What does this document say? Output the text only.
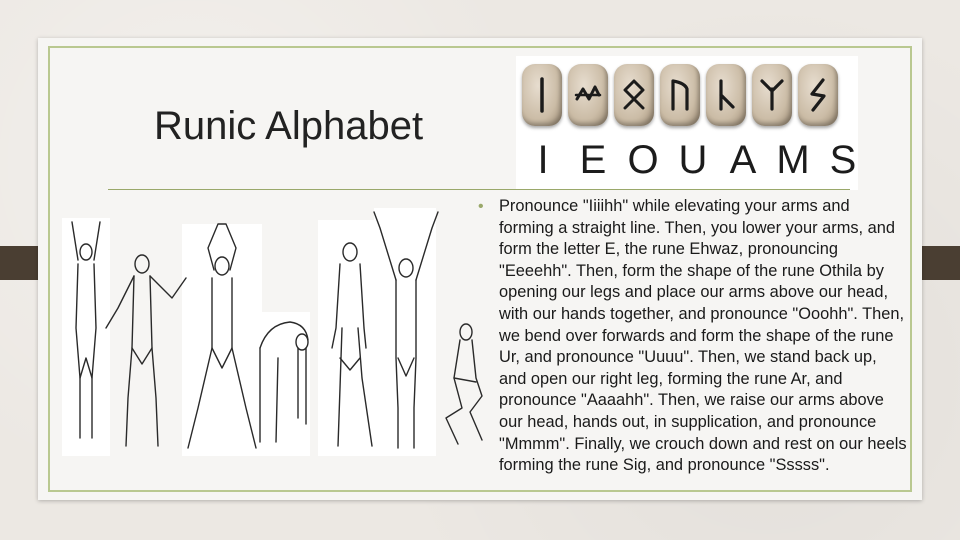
Runic Alphabet
I E O U A M S
• Pronounce "Iiiihh" while elevating your arms and forming a straight line. Then, you lower your arms, and form the letter E, the rune Ehwaz, pronouncing "Eeeehh". Then, form the shape of the rune Othila by opening our legs and place our arms above our head, with our hands together, and pronounce "Ooohh". Then, we bend over forwards and form the shape of the rune Ur, and pronounce "Uuuu". Then, we stand back up, and open our right leg, forming the rune Ar, and pronounce "Aaaahh". Then, we raise our arms above our head, hands out, in supplication, and pronounce "Mmmm". Finally, we crouch down and rest on our heels forming the rune Sig, and pronounce "Sssss".
